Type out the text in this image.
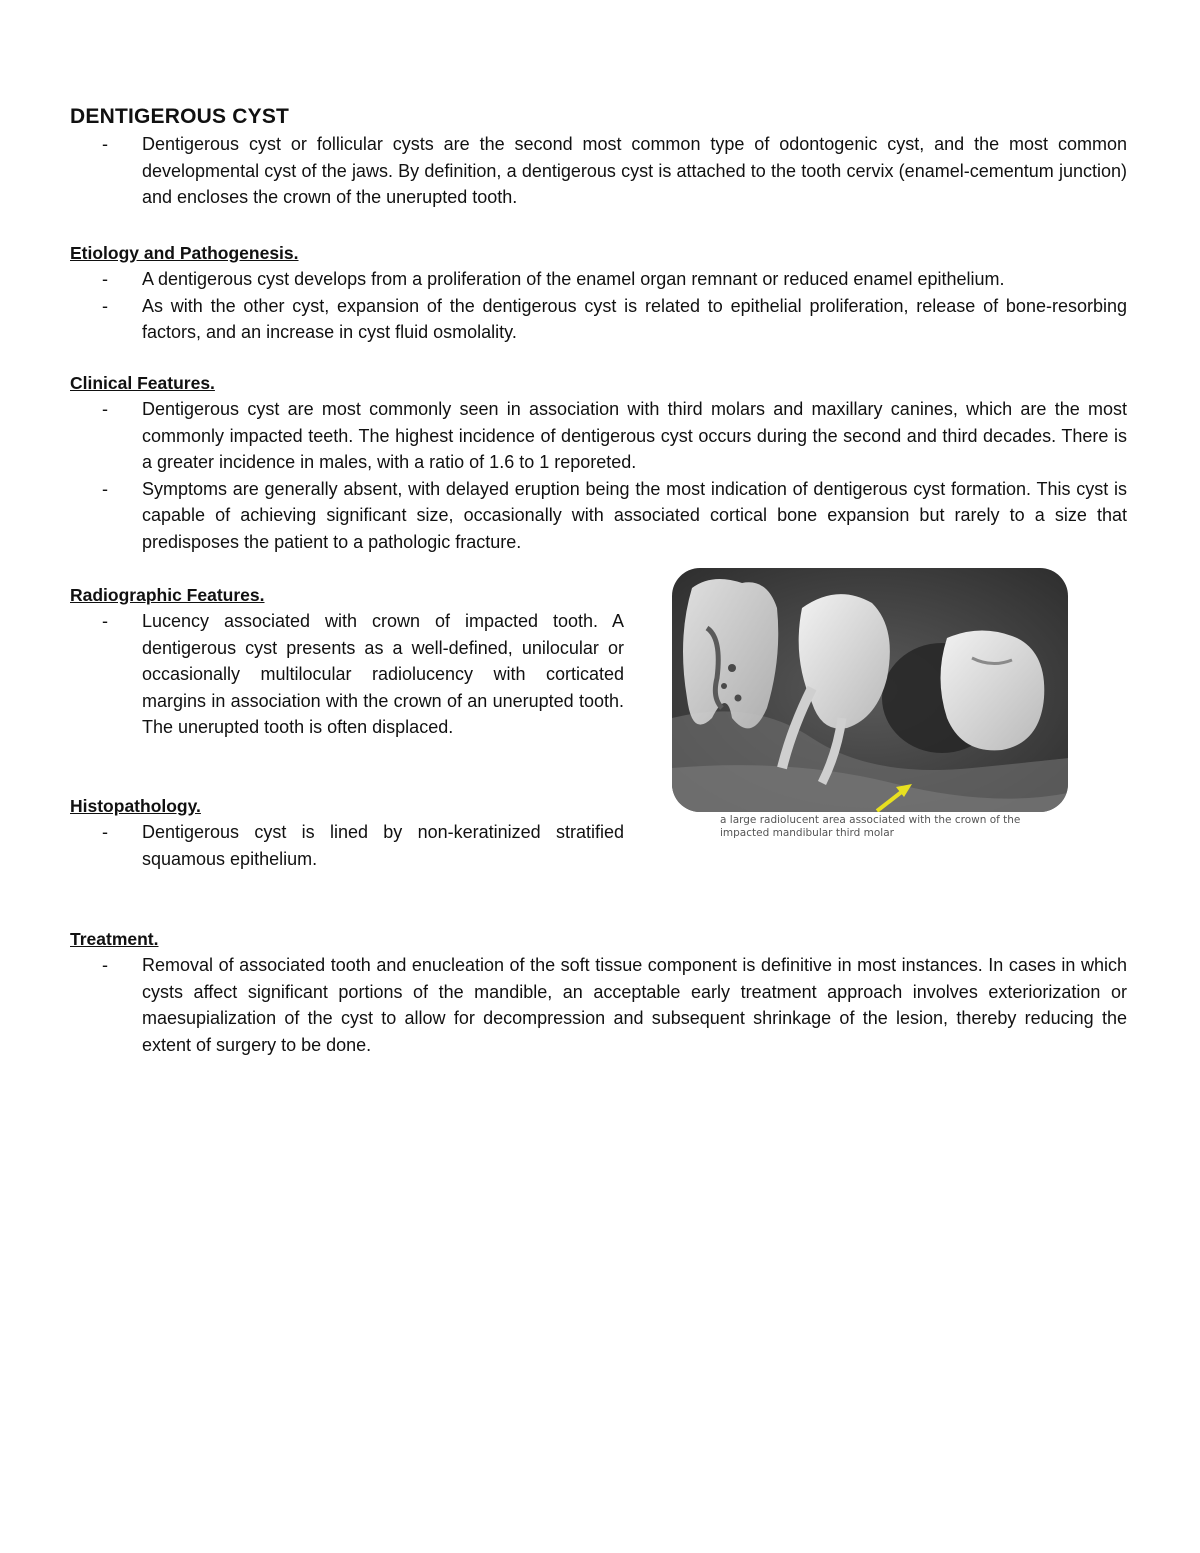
DENTIGEROUS CYST
- Dentigerous cyst or follicular cysts are the second most common type of odontogenic cyst, and the most common developmental cyst of the jaws. By definition, a dentigerous cyst is attached to the tooth cervix (enamel-cementum junction) and encloses the crown of the unerupted tooth.
Etiology and Pathogenesis.
- A dentigerous cyst develops from a proliferation of the enamel organ remnant or reduced enamel epithelium.
- As with the other cyst, expansion of the dentigerous cyst is related to epithelial proliferation, release of bone-resorbing factors, and an increase in cyst fluid osmolality.
Clinical Features.
- Dentigerous cyst are most commonly seen in association with third molars and maxillary canines, which are the most commonly impacted teeth. The highest incidence of dentigerous cyst occurs during the second and third decades. There is a greater incidence in males, with a ratio of 1.6 to 1 reporeted.
- Symptoms are generally absent, with delayed eruption being the most indication of dentigerous cyst formation. This cyst is capable of achieving significant size, occasionally with associated cortical bone expansion but rarely to a size that predisposes the patient to a pathologic fracture.
Radiographic Features.
- Lucency associated with crown of impacted tooth. A dentigerous cyst presents as a well-defined, unilocular or occasionally multilocular radiolucency with corticated margins in association with the crown of an unerupted tooth. The unerupted tooth is often displaced.
Histopathology.
- Dentigerous cyst is lined by non-keratinized stratified squamous epithelium.
Treatment.
- Removal of associated tooth and enucleation of the soft tissue component is definitive in most instances. In cases in which cysts affect significant portions of the mandible, an acceptable early treatment approach involves exteriorization or maesupialization of the cyst to allow for decompression and subsequent shrinkage of the lesion, thereby reducing the extent of surgery to be done.
a large radiolucent area associated with the crown of the impacted mandibular third molar
